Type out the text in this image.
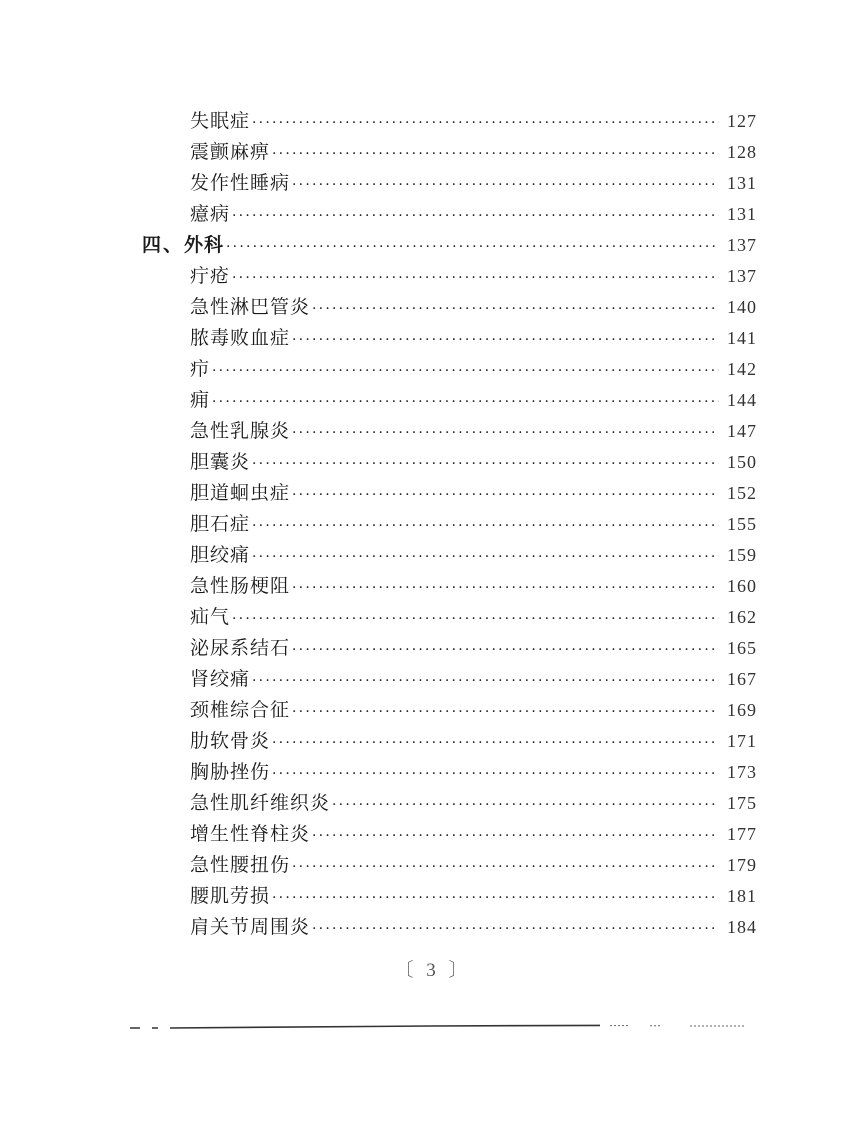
失眠症 ·····	127
震颤麻痹 ·····	128
发作性睡病 ·····	131
癔病 ·····	131
四、 外科 ·····	137
疔疮 ·····	137
急性淋巴管炎 ·····	140
脓毒败血症 ·····	141
疖 ·····	142
痈 ·····	144
急性乳腺炎 ·····	147
胆囊炎 ·····	150
胆道蛔虫症 ·····	152
胆石症 ·····	155
胆绞痛 ·····	159
急性肠梗阻 ·····	160
疝气 ·····	162
泌尿系结石 ·····	165
肾绞痛 ·····	167
颈椎综合征 ·····	169
肋软骨炎 ·····	171
胸胁挫伤 ·····	173
急性肌纤维织炎 ·····	175
增生性脊柱炎 ·····	177
急性腰扭伤 ·····	179
腰肌劳损 ·····	181
肩关节周围炎 ·····	184
〔 3 〕
